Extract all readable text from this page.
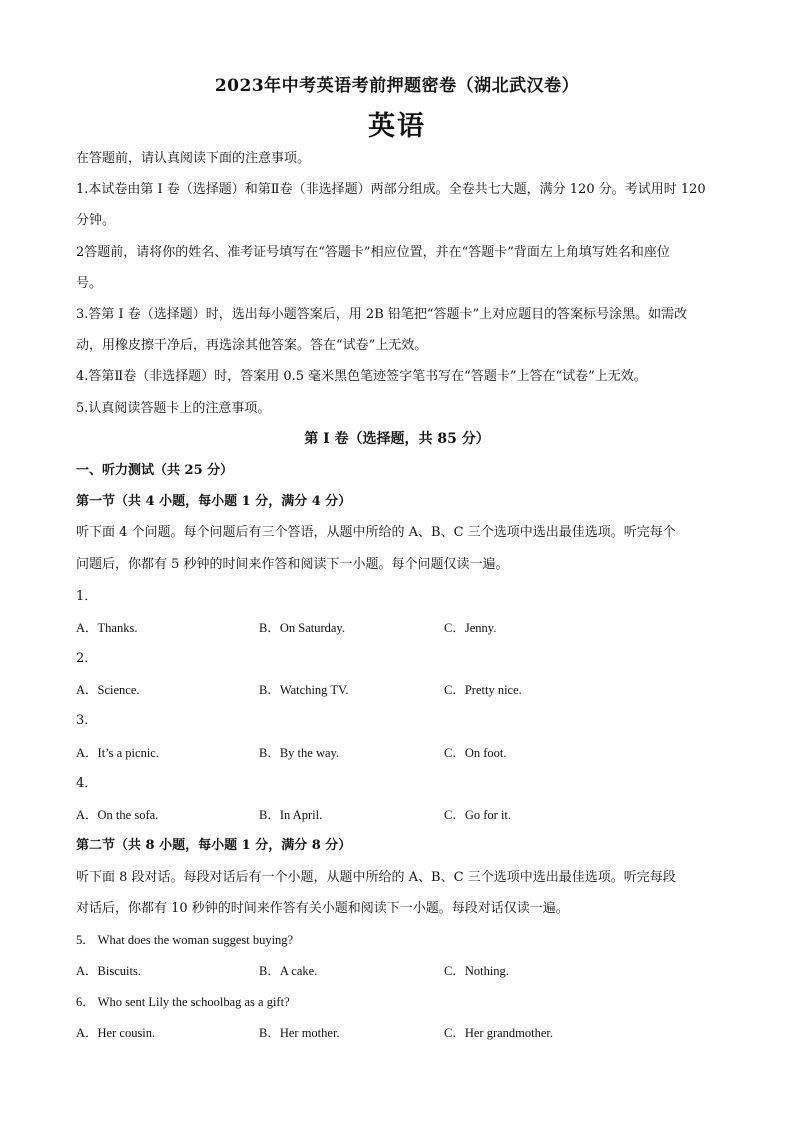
2023年中考英语考前押题密卷（湖北武汉卷）
英语
在答题前，请认真阅读下面的注意事项。
1.本试卷由第 I 卷（选择题）和第Ⅱ卷（非选择题）两部分组成。全卷共七大题，满分 120 分。考试用时 120
分钟。
2答题前，请将你的姓名、准考证号填写在“答题卡”相应位置，并在“答题卡”背面左上角填写姓名和座位
号。
3.答第 I 卷（选择题）时，选出每小题答案后，用 2B 铅笔把“答题卡”上对应题目的答案标号涂黑。如需改
动，用橡皮擦干净后，再选涂其他答案。答在“试卷”上无效。
4.答第Ⅱ卷（非选择题）时，答案用 0.5 毫米黑色笔迹签字笔书写在“答题卡”上答在“试卷”上无效。
5.认真阅读答题卡上的注意事项。
第 I 卷（选择题，共 85 分）
一、听力测试（共 25 分）
第一节（共 4 小题，每小题 1 分，满分 4 分）
听下面 4 个问题。每个问题后有三个答语，从题中所给的 A、B、C 三个选项中选出最佳选项。听完每个
问题后，你都有 5 秒钟的时间来作答和阅读下一小题。每个问题仅读一遍。
1．
A．Thanks.	B．On Saturday.	C．Jenny.
2．
A．Science.	B．Watching TV.	C．Pretty nice.
3．
A．It’s a picnic.	B．By the way.	C．On foot.
4．
A．On the sofa.	B．In April.	C．Go for it.
第二节（共 8 小题，每小题 1 分，满分 8 分）
听下面 8 段对话。每段对话后有一个小题，从题中所给的 A、B、C 三个选项中选出最佳选项。听完每段
对话后，你都有 10 秒钟的时间来作答有关小题和阅读下一小题。每段对话仅读一遍。
5． What does the woman suggest buying?
A．Biscuits.	B．A cake.	C．Nothing.
6． Who sent Lily the schoolbag as a gift?
A．Her cousin.	B．Her mother.	C．Her grandmother.
